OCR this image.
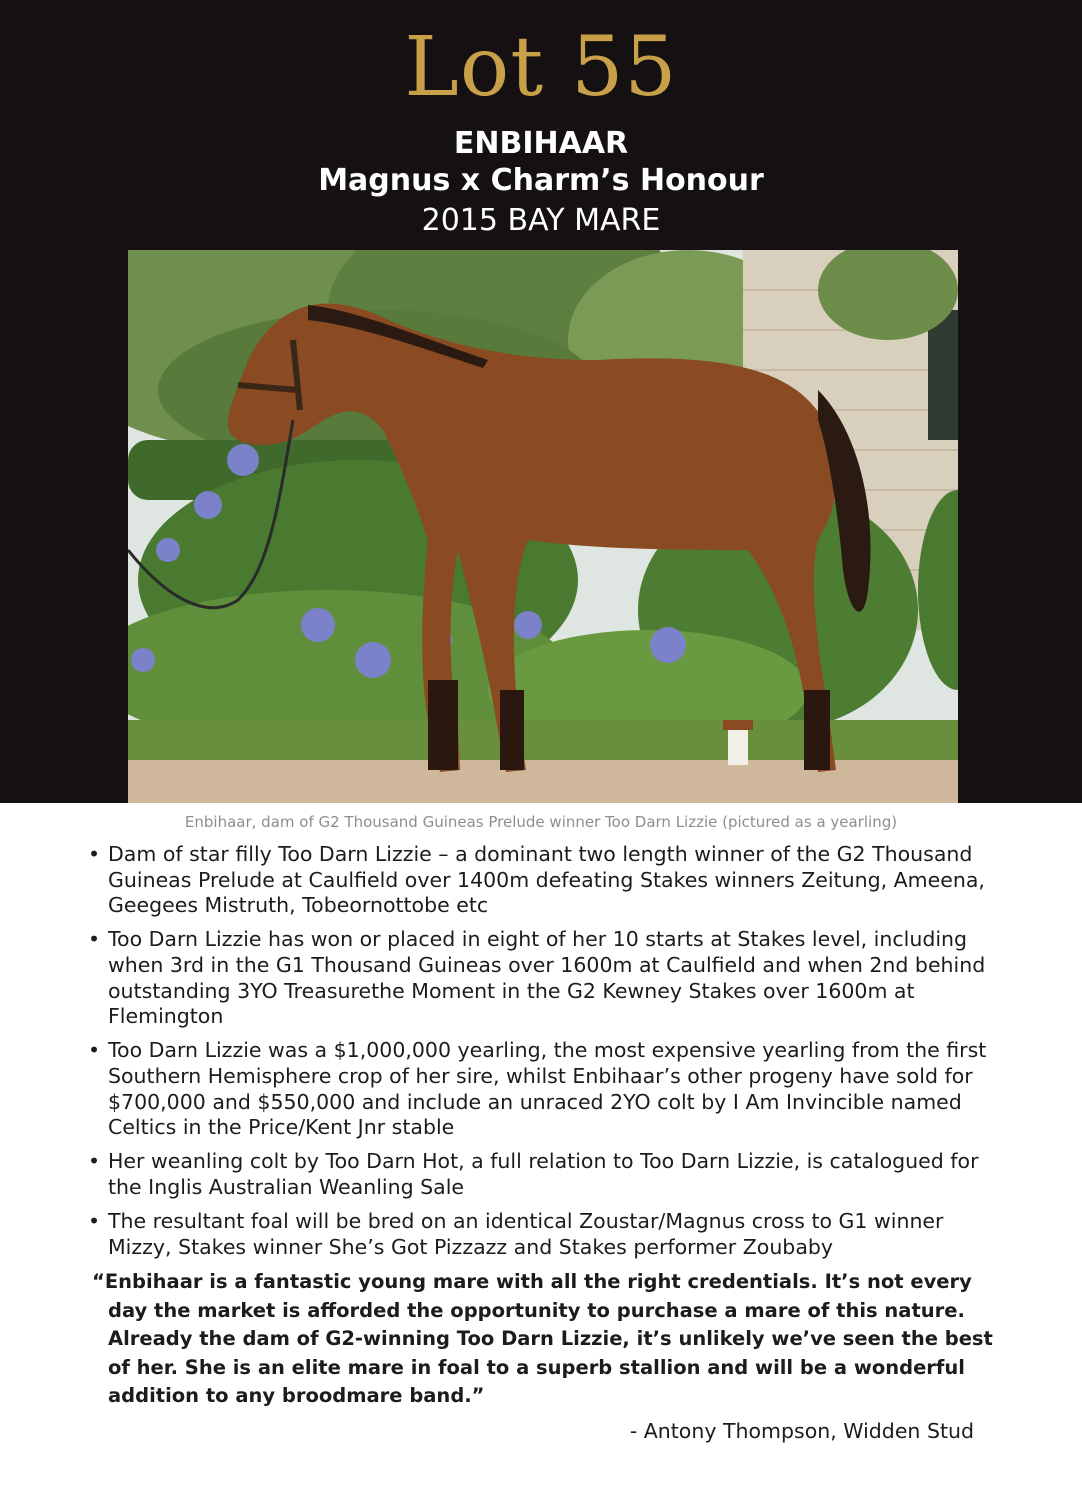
Lot 55
ENBIHAAR
Magnus x Charm’s Honour
2015 BAY MARE
Enbihaar, dam of G2 Thousand Guineas Prelude winner Too Darn Lizzie (pictured as a yearling)
• Dam of star filly Too Darn Lizzie – a dominant two length winner of the G2 Thousand Guineas Prelude at Caulfield over 1400m defeating Stakes winners Zeitung, Ameena, Geegees Mistruth, Tobeornottobe etc
• Too Darn Lizzie has won or placed in eight of her 10 starts at Stakes level, including when 3rd in the G1 Thousand Guineas over 1600m at Caulfield and when 2nd behind outstanding 3YO Treasurethe Moment in the G2 Kewney Stakes over 1600m at Flemington
• Too Darn Lizzie was a $1,000,000 yearling, the most expensive yearling from the first Southern Hemisphere crop of her sire, whilst Enbihaar’s other progeny have sold for $700,000 and $550,000 and include an unraced 2YO colt by I Am Invincible named Celtics in the Price/Kent Jnr stable
• Her weanling colt by Too Darn Hot, a full relation to Too Darn Lizzie, is catalogued for the Inglis Australian Weanling Sale
• The resultant foal will be bred on an identical Zoustar/Magnus cross to G1 winner Mizzy, Stakes winner She’s Got Pizzazz and Stakes performer Zoubaby
“Enbihaar is a fantastic young mare with all the right credentials. It’s not every day the market is afforded the opportunity to purchase a mare of this nature. Already the dam of G2-winning Too Darn Lizzie, it’s unlikely we’ve seen the best of her. She is an elite mare in foal to a superb stallion and will be a wonderful addition to any broodmare band.”
- Antony Thompson, Widden Stud
